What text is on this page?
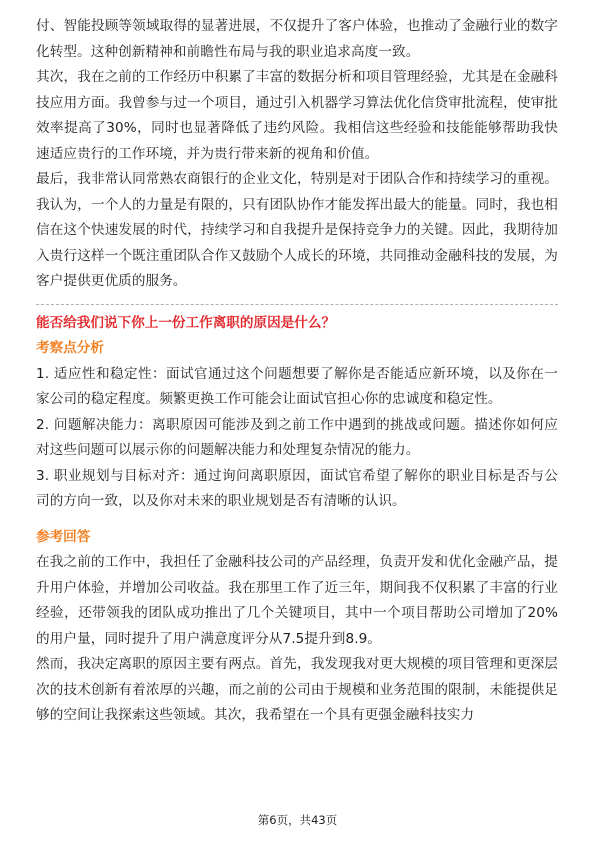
付、智能投顾等领域取得的显著进展，不仅提升了客户体验，也推动了金融行业的数字化转型。这种创新精神和前瞻性布局与我的职业追求高度一致。

其次，我在之前的工作经历中积累了丰富的数据分析和项目管理经验，尤其是在金融科技应用方面。我曾参与过一个项目，通过引入机器学习算法优化信贷审批流程，使审批效率提高了30%，同时也显著降低了违约风险。我相信这些经验和技能能够帮助我快速适应贵行的工作环境，并为贵行带来新的视角和价值。

最后，我非常认同常熟农商银行的企业文化，特别是对于团队合作和持续学习的重视。我认为，一个人的力量是有限的，只有团队协作才能发挥出最大的能量。同时，我也相信在这个快速发展的时代，持续学习和自我提升是保持竞争力的关键。因此，我期待加入贵行这样一个既注重团队合作又鼓励个人成长的环境，共同推动金融科技的发展，为客户提供更优质的服务。

能否给我们说下你上一份工作离职的原因是什么？

考察点分析

1. 适应性和稳定性：面试官通过这个问题想要了解你是否能适应新环境，以及你在一家公司的稳定程度。频繁更换工作可能会让面试官担心你的忠诚度和稳定性。

2. 问题解决能力：离职原因可能涉及到之前工作中遇到的挑战或问题。描述你如何应对这些问题可以展示你的问题解决能力和处理复杂情况的能力。

3. 职业规划与目标对齐：通过询问离职原因，面试官希望了解你的职业目标是否与公司的方向一致，以及你对未来的职业规划是否有清晰的认识。

参考回答

在我之前的工作中，我担任了金融科技公司的产品经理，负责开发和优化金融产品，提升用户体验，并增加公司收益。我在那里工作了近三年，期间我不仅积累了丰富的行业经验，还带领我的团队成功推出了几个关键项目，其中一个项目帮助公司增加了20%的用户量，同时提升了用户满意度评分从7.5提升到8.9。

然而，我决定离职的原因主要有两点。首先，我发现我对更大规模的项目管理和更深层次的技术创新有着浓厚的兴趣，而之前的公司由于规模和业务范围的限制，未能提供足够的空间让我探索这些领域。其次，我希望在一个具有更强金融科技实力

第6页，共43页
